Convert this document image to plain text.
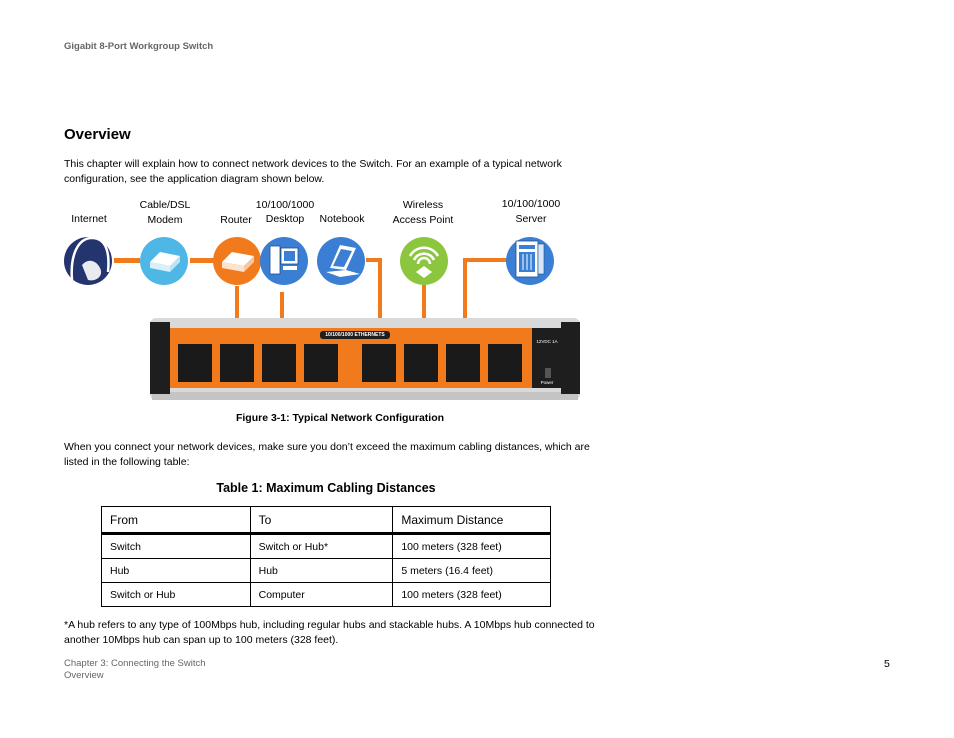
Gigabit 8-Port Workgroup Switch
Overview
This chapter will explain how to connect network devices to the Switch. For an example of a typical network configuration, see the application diagram shown below.
Internet
Cable/DSL
Modem	Router
10/100/1000
Desktop	Notebook
Wireless
Access Point
10/100/1000
Server
10/100/1000 ETHERNETS
12VDC 1A
Power
Figure 3-1: Typical Network Configuration
When you connect your network devices, make sure you don’t exceed the maximum cabling distances, which are listed in the following table:
Table 1: Maximum Cabling Distances
From	To	Maximum Distance
Switch	Switch or Hub*	100 meters (328 feet)
Hub	Hub	5 meters (16.4 feet)
Switch or Hub	Computer	100 meters (328 feet)
*A hub refers to any type of 100Mbps hub, including regular hubs and stackable hubs. A 10Mbps hub connected to another 10Mbps hub can span up to 100 meters (328 feet).
Chapter 3: Connecting the Switch
Overview
5
